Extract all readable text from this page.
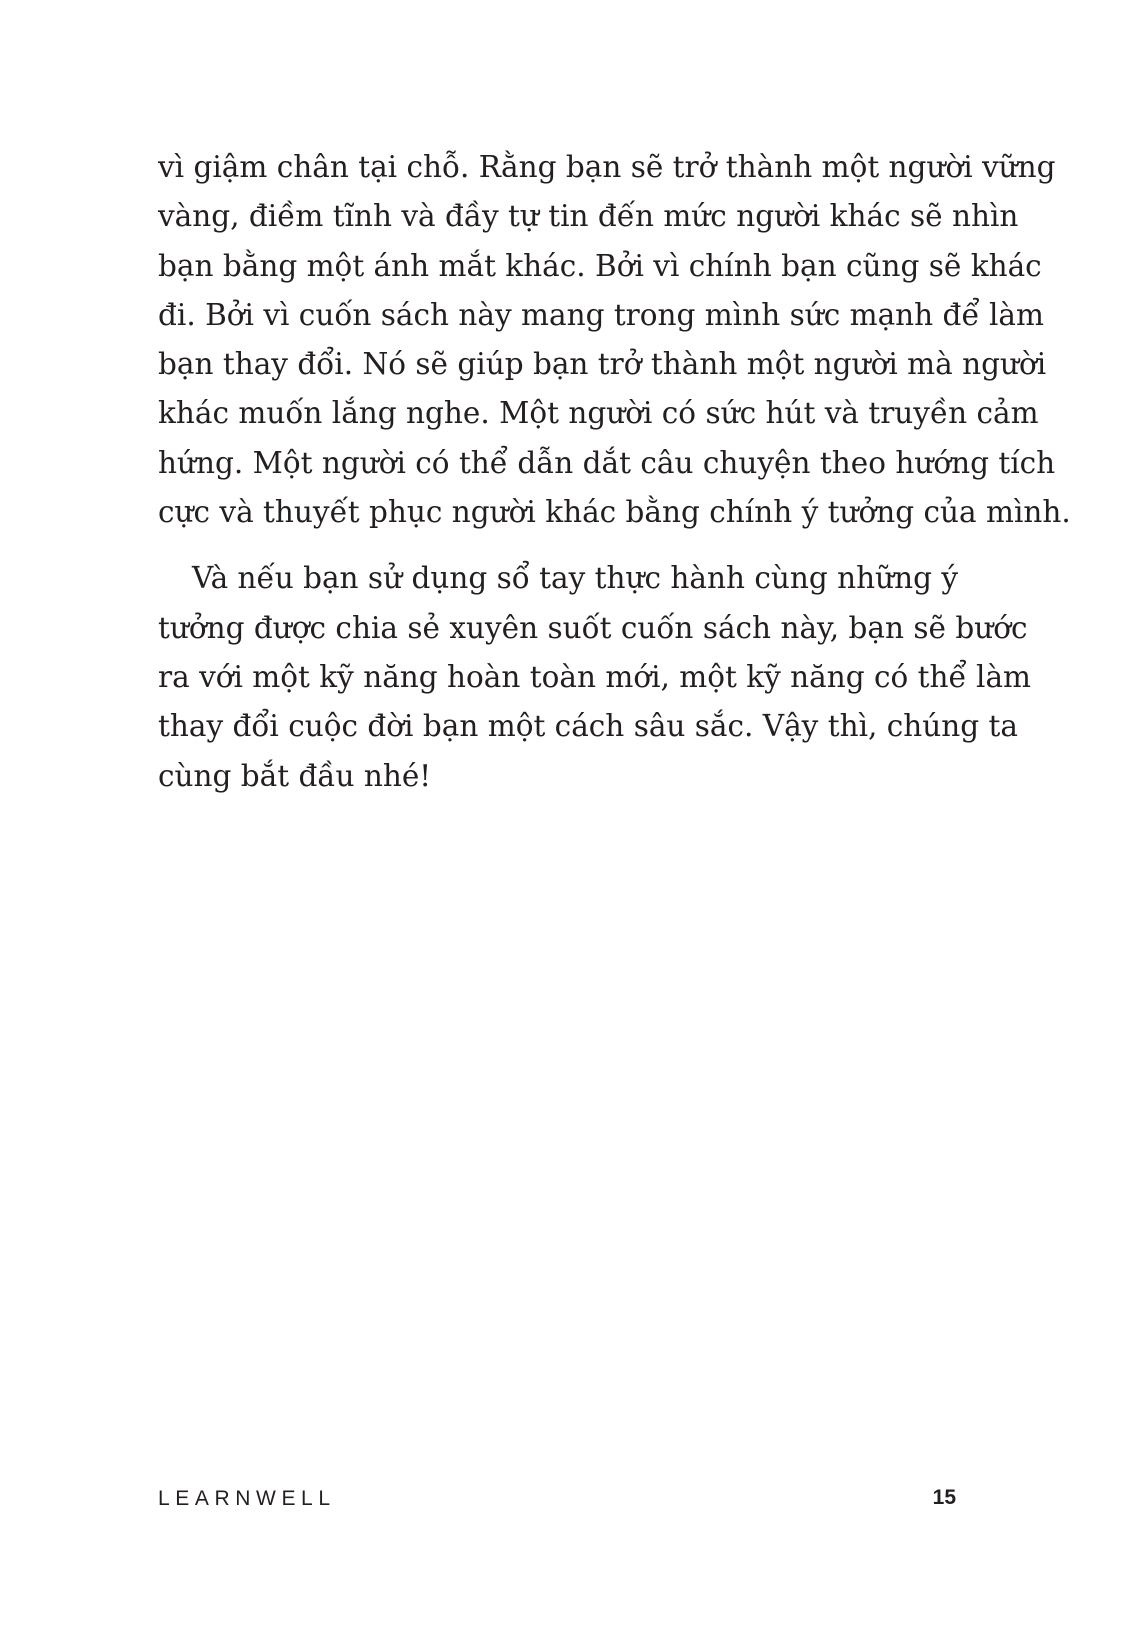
vì giậm chân tại chỗ. Rằng bạn sẽ trở thành một người vững
vàng, điềm tĩnh và đầy tự tin đến mức người khác sẽ nhìn
bạn bằng một ánh mắt khác. Bởi vì chính bạn cũng sẽ khác
đi. Bởi vì cuốn sách này mang trong mình sức mạnh để làm
bạn thay đổi. Nó sẽ giúp bạn trở thành một người mà người
khác muốn lắng nghe. Một người có sức hút và truyền cảm
hứng. Một người có thể dẫn dắt câu chuyện theo hướng tích
cực và thuyết phục người khác bằng chính ý tưởng của mình.
Và nếu bạn sử dụng sổ tay thực hành cùng những ý
tưởng được chia sẻ xuyên suốt cuốn sách này, bạn sẽ bước
ra với một kỹ năng hoàn toàn mới, một kỹ năng có thể làm
thay đổi cuộc đời bạn một cách sâu sắc. Vậy thì, chúng ta
cùng bắt đầu nhé!
LEARNWELL	15
